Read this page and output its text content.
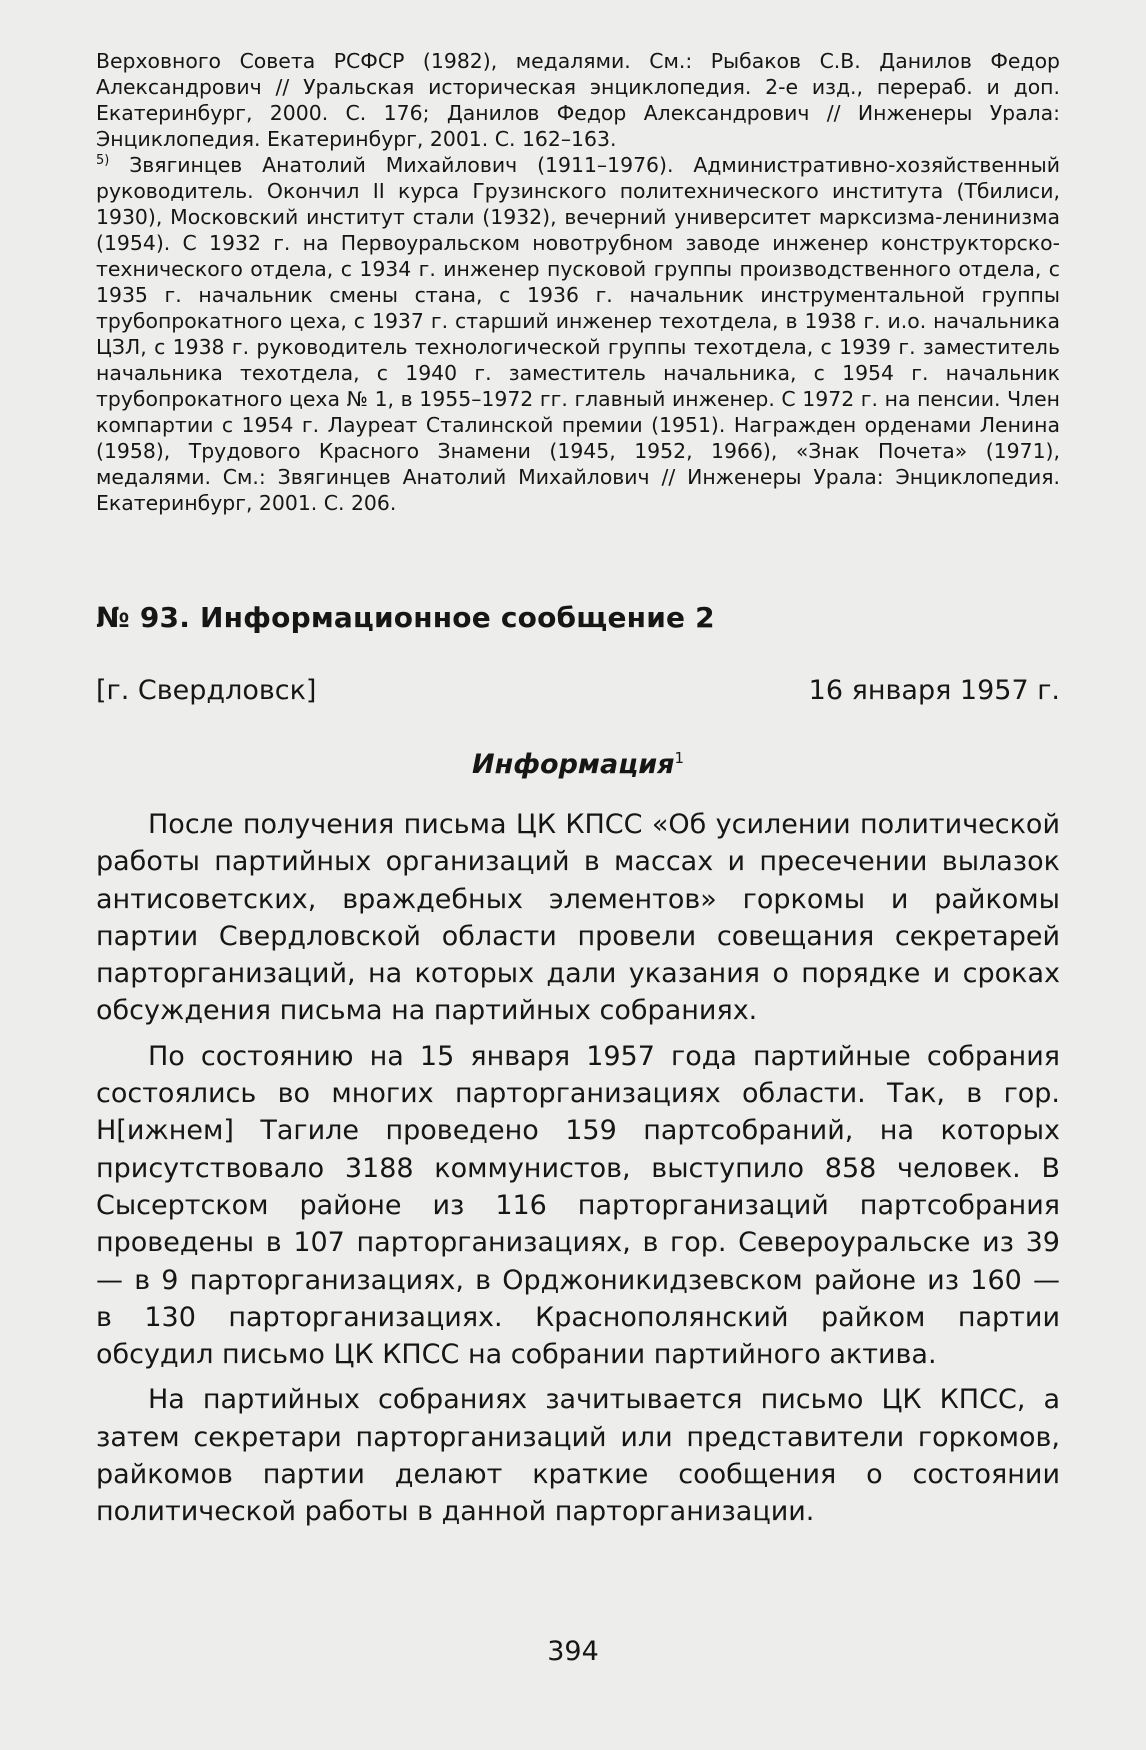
Верховного Совета РСФСР (1982), медалями. См.: Рыбаков С.В. Данилов Федор Александрович // Уральская историческая энциклопедия. 2-е изд., перераб. и доп. Екатеринбург, 2000. С. 176; Данилов Федор Александрович // Инженеры Урала: Энциклопедия. Екатеринбург, 2001. С. 162–163.

$^{5)}$ Звягинцев Анатолий Михайлович (1911–1976). Административно-хозяйственный руководитель. Окончил II курса Грузинского политехнического института (Тбилиси, 1930), Московский институт стали (1932), вечерний университет марксизма-ленинизма (1954). С 1932 г. на Первоуральском новотрубном заводе инженер конструкторско-технического отдела, с 1934 г. инженер пусковой группы производственного отдела, с 1935 г. начальник смены стана, с 1936 г. начальник инструментальной группы трубопрокатного цеха, с 1937 г. старший инженер техотдела, в 1938 г. и.о. начальника ЦЗЛ, с 1938 г. руководитель технологической группы техотдела, с 1939 г. заместитель начальника техотдела, с 1940 г. заместитель начальника, с 1954 г. начальник трубопрокатного цеха № 1, в 1955–1972 гг. главный инженер. С 1972 г. на пенсии. Член компартии с 1954 г. Лауреат Сталинской премии (1951). Награжден орденами Ленина (1958), Трудового Красного Знамени (1945, 1952, 1966), «Знак Почета» (1971), медалями. См.: Звягинцев Анатолий Михайлович // Инженеры Урала: Энциклопедия. Екатеринбург, 2001. С. 206.

№ 93. Информационное сообщение 2
[г. Свердловск]	16 января 1957 г.
Информация$^1$

После получения письма ЦК КПСС «Об усилении политической работы партийных организаций в массах и пресечении вылазок антисоветских, враждебных элементов» горкомы и райкомы партии Свердловской области провели совещания секретарей парторганизаций, на которых дали указания о порядке и сроках обсуждения письма на партийных собраниях.

По состоянию на 15 января 1957 года партийные собрания состоялись во многих парторганизациях области. Так, в гор. Н[ижнем] Тагиле проведено 159 партсобраний, на которых присутствовало 3188 коммунистов, выступило 858 человек. В Сысертском районе из 116 парторганизаций партсобрания проведены в 107 парторганизациях, в гор. Североуральске из 39 — в 9 парторганизациях, в Орджоникидзевском районе из 160 — в 130 парторганизациях. Краснополянский райком партии обсудил письмо ЦК КПСС на собрании партийного актива.

На партийных собраниях зачитывается письмо ЦК КПСС, а затем секретари парторганизаций или представители горкомов, райкомов партии делают краткие сообщения о состоянии политической работы в данной парторганизации.

394
